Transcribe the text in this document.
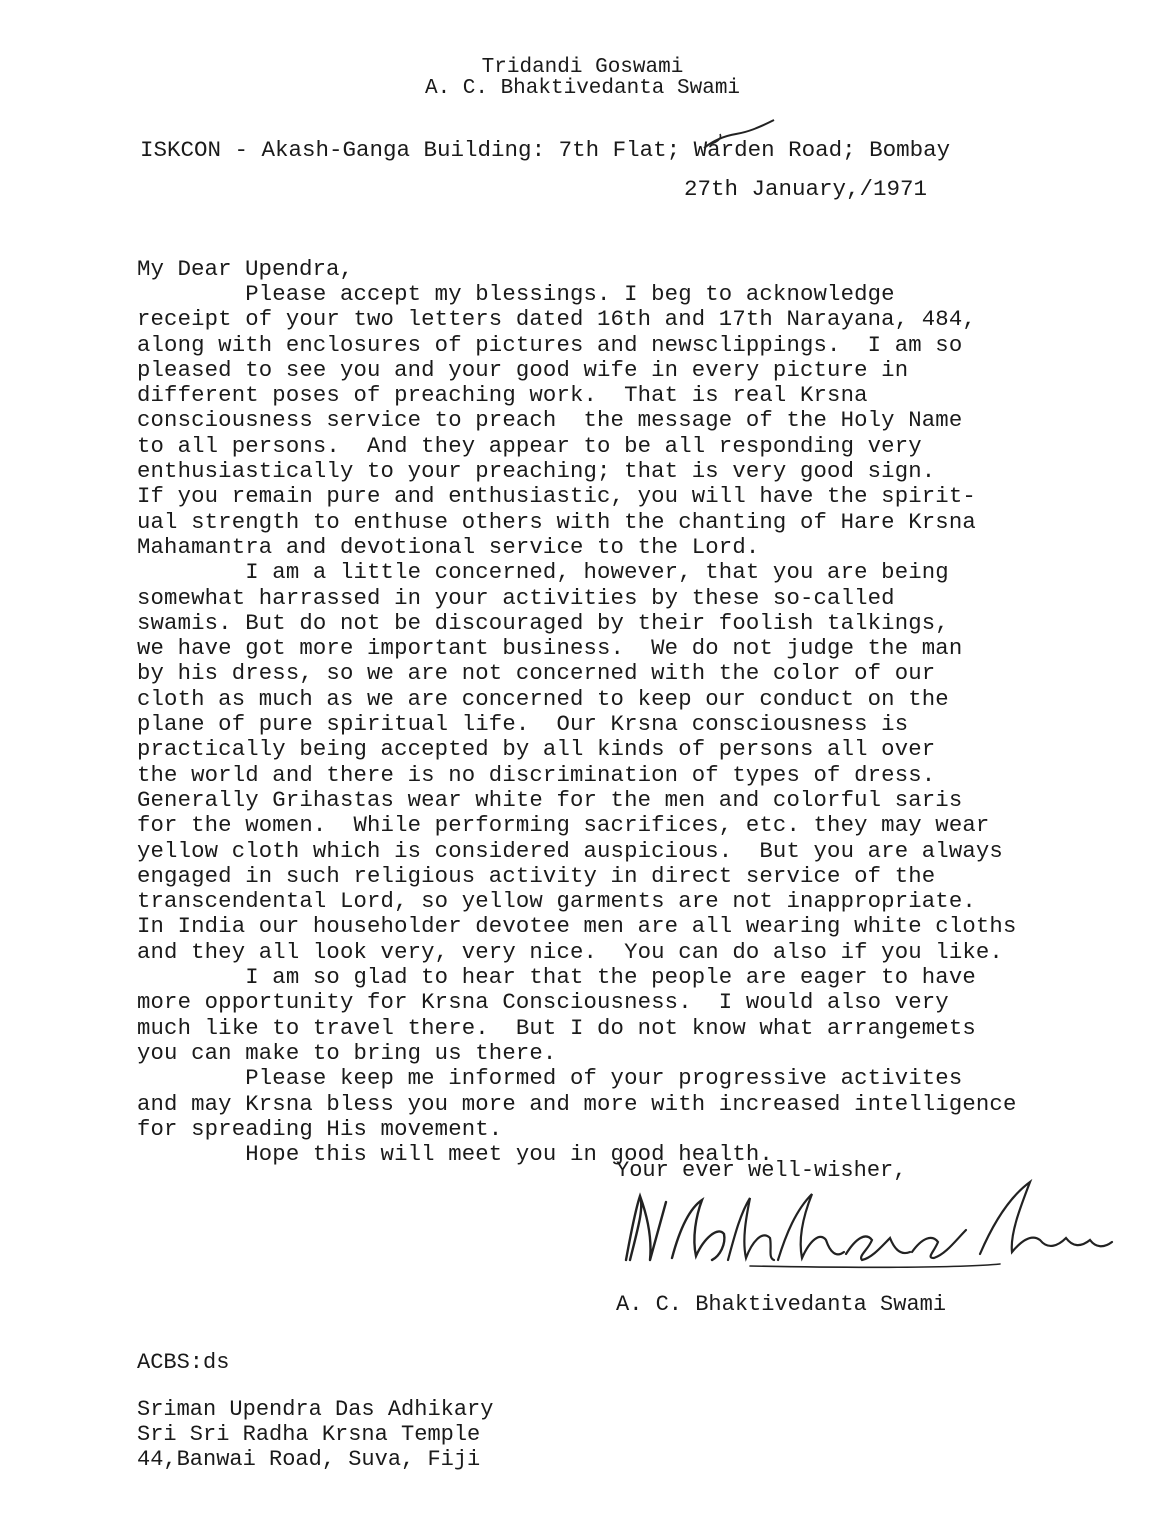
Tridandi Goswami
A. C. Bhaktivedanta Swami
ISKCON - Akash-Ganga Building: 7th Flat; Warden Road; Bombay
27th January,/1971
My Dear Upendra,
Please accept my blessings. I beg to acknowledge
receipt of your two letters dated 16th and 17th Narayana, 484,
along with enclosures of pictures and newsclippings.  I am so
pleased to see you and your good wife in every picture in
different poses of preaching work.  That is real Krsna
consciousness service to preach  the message of the Holy Name
to all persons.  And they appear to be all responding very
enthusiastically to your preaching; that is very good sign.
If you remain pure and enthusiastic, you will have the spirit-
ual strength to enthuse others with the chanting of Hare Krsna
Mahamantra and devotional service to the Lord.
I am a little concerned, however, that you are being
somewhat harrassed in your activities by these so-called
swamis. But do not be discouraged by their foolish talkings,
we have got more important business.  We do not judge the man
by his dress, so we are not concerned with the color of our
cloth as much as we are concerned to keep our conduct on the
plane of pure spiritual life.  Our Krsna consciousness is
practically being accepted by all kinds of persons all over
the world and there is no discrimination of types of dress.
Generally Grihastas wear white for the men and colorful saris
for the women.  While performing sacrifices, etc. they may wear
yellow cloth which is considered auspicious.  But you are always
engaged in such religious activity in direct service of the
transcendental Lord, so yellow garments are not inappropriate.
In India our householder devotee men are all wearing white cloths
and they all look very, very nice.  You can do also if you like.
I am so glad to hear that the people are eager to have
more opportunity for Krsna Consciousness.  I would also very
much like to travel there.  But I do not know what arrangemets
you can make to bring us there.
Please keep me informed of your progressive activites
and may Krsna bless you more and more with increased intelligence
for spreading His movement.
Hope this will meet you in good health.
Your ever well-wisher,
A. C. Bhaktivedanta Swami
ACBS:ds
Sriman Upendra Das Adhikary
Sri Sri Radha Krsna Temple
44,Banwai Road, Suva, Fiji
